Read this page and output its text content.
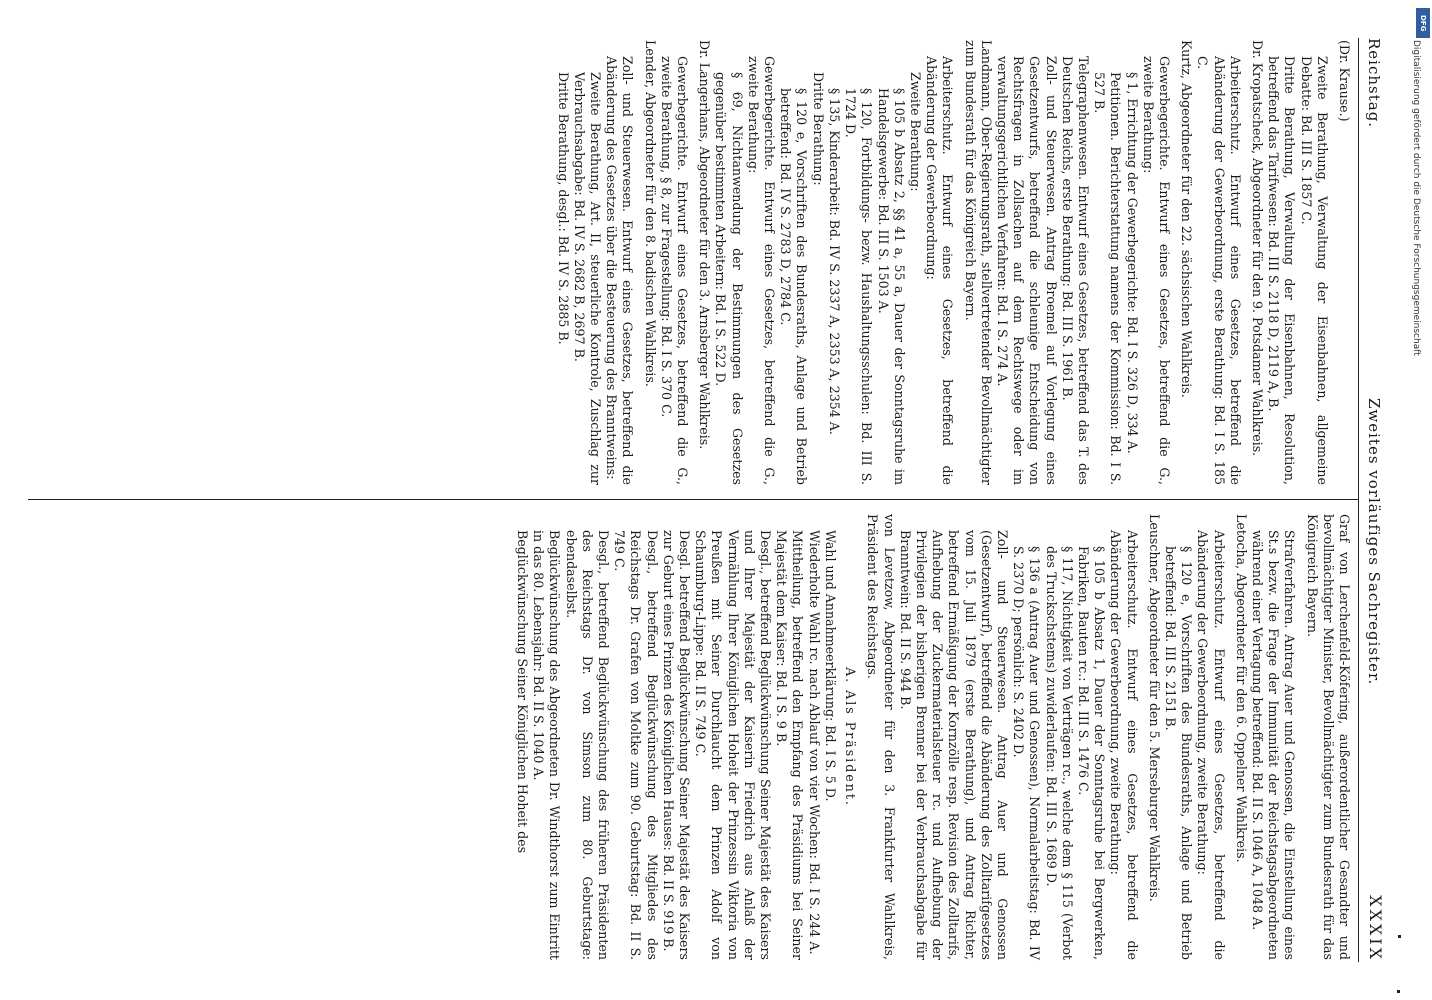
Reichstag.
Zweites vorläufiges Sachregister.
XXXIX

(Dr. Krause.)

Zweite Berathung, Verwaltung der Eisenbahnen, allgemeine Debatte: Bd. III S. 1857 C.

Dritte Berathung, Verwaltung der Eisenbahnen, Resolution, betreffend das Tarifwesen: Bd. III S. 2118 D, 2119 A, B.

Dr. Kropatscheck, Abgeordneter für den 9. Potsdamer Wahlkreis.

Arbeiterschutz. Entwurf eines Gesetzes, betreffend die Abänderung der Gewerbeordnung, erste Berathung: Bd. I S. 185 C.

Kurtz, Abgeordneter für den 22. sächsischen Wahlkreis.

Gewerbegerichte. Entwurf eines Gesetzes, betreffend die G., zweite Berathung:

§ 1, Errichtung der Gewerbegerichte: Bd. I S. 326 D, 334 A.

Petitionen. Berichterstattung namens der Kommission: Bd. I S. 527 B.

Telegraphenwesen. Entwurf eines Gesetzes, betreffend das T. des Deutschen Reichs, erste Berathung: Bd. III S. 1961 B.

Zoll- und Steuerwesen. Antrag Broemel auf Vorlegung eines Gesetzentwurfs, betreffend die schleunige Entscheidung von Rechtsfragen in Zollsachen auf dem Rechtswege oder im verwaltungsgerichtlichen Verfahren: Bd. I S. 274 A.

Landmann, Ober-Regierungsrath, stellvertretender Bevollmächtigter zum Bundesrath für das Königreich Bayern.

Arbeiterschutz. Entwurf eines Gesetzes, betreffend die Abänderung der Gewerbeordnung:

Zweite Berathung:

§ 105 b Absatz 2, §§ 41 a, 55 a, Dauer der Sonntagsruhe im Handelsgewerbe: Bd. III S. 1503 A.

§ 120, Fortbildungs- bezw. Haushaltungsschulen: Bd. III S. 1724 D.

§ 135, Kinderarbeit: Bd. IV S. 2337 A, 2353 A, 2354 A.

Dritte Berathung:

§ 120 e, Vorschriften des Bundesraths, Anlage und Betrieb betreffend: Bd. IV S. 2783 D, 2784 C.

Gewerbegerichte. Entwurf eines Gesetzes, betreffend die G., zweite Berathung:

§ 69, Nichtanwendung der Bestimmungen des Gesetzes gegenüber bestimmten Arbeitern: Bd. I S. 522 D.

Dr. Langerhans, Abgeordneter für den 3. Arnsberger Wahlkreis.

Gewerbegerichte. Entwurf eines Gesetzes, betreffend die G., zweite Berathung, § 8, zur Fragestellung: Bd. I S. 370 C.

Lender, Abgeordneter für den 8. badischen Wahlkreis.

Zoll- und Steuerwesen. Entwurf eines Gesetzes, betreffend die Abänderung des Gesetzes über die Besteuerung des Branntweins:

Zweite Berathung, Art. II, steuerliche Kontrole, Zuschlag zur Verbrauchsabgabe: Bd. IV S. 2682 B, 2697 B.

Dritte Berathung, desgl.: Bd. IV S. 2885 B.

Graf von Lerchenfeld-Köfering, außerordentlicher Gesandter und bevollmächtigter Minister, Bevollmächtigter zum Bundesrath für das Königreich Bayern.

Strafverfahren. Antrag Auer und Genossen, die Einstellung eines St.s bezw. die Frage der Immunität der Reichstagsabgeordneten während einer Vertagung betreffend: Bd. II S. 1046 A, 1048 A.

Letocha, Abgeordneter für den 6. Oppelner Wahlkreis.

Arbeiterschutz. Entwurf eines Gesetzes, betreffend die Abänderung der Gewerbeordnung, zweite Berathung:

§ 120 e, Vorschriften des Bundesraths, Anlage und Betrieb betreffend: Bd. III S. 2151 B.

Leuschner, Abgeordneter für den 5. Merseburger Wahlkreis.

Arbeiterschutz. Entwurf eines Gesetzes, betreffend die Abänderung der Gewerbeordnung, zweite Berathung:

§ 105 b Absatz 1, Dauer der Sonntagsruhe bei Bergwerken, Fabriken, Bauten rc.: Bd. III S. 1476 C.

§ 117, Nichtigkeit von Verträgen rc., welche dem § 115 (Verbot des Truckschstems) zuwiderlaufen: Bd. III S. 1689 D.

§ 136 a (Antrag Auer und Genossen), Normalarbeitstag: Bd. IV S. 2370 D; persönlich: S. 2402 D.

Zoll- und Steuerwesen. Antrag Auer und Genossen (Gesetzentwurf), betreffend die Abänderung des Zolltarifgesetzes vom 15. Juli 1879 (erste Berathung), und Antrag Richter, betreffend Ermäßigung der Kornzölle resp. Revision des Zolltarifs, Aufhebung der Zuckermaterialsteuer rc. und Aufhebung der Privilegien der bisherigen Brenner bei der Verbrauchsabgabe für Branntwein: Bd. II S. 944 B.

von Levetzow, Abgeordneter für den 3. Frankfurter Wahlkreis, Präsident des Reichstags.

A. Als Präsident.

Wahl und Annahmeerklärung: Bd. I S. 5 D.

Wiederholte Wahl rc. nach Ablauf von vier Wochen: Bd. I S. 244 A.

Mittheilung, betreffend den Empfang des Präsidiums bei Seiner Majestät dem Kaiser: Bd. I S. 9 B.

Desgl., betreffend Beglückwünschung Seiner Majestät des Kaisers und Ihrer Majestät der Kaiserin Friedrich aus Anlaß der Vermählung Ihrer Königlichen Hoheit der Prinzessin Viktoria von Preußen mit Seiner Durchlaucht dem Prinzen Adolf von Schaumburg-Lippe: Bd. II S. 749 C.

Desgl. betreffend Beglückwünschung Seiner Majestät des Kaisers zur Geburt eines Prinzen des Königlichen Hauses: Bd. II S. 919 B.

Desgl., betreffend Beglückwünschung des Mitgliedes des Reichstags Dr. Grafen von Moltke zum 90. Geburtstag: Bd. II S. 749 C.

Desgl., betreffend Beglückwünschung des früheren Präsidenten des Reichstags Dr. von Simson zum 80. Geburtstage: ebendaselbst.

Beglückwünschung des Abgeordneten Dr. Windthorst zum Eintritt in das 80. Lebensjahr: Bd. II S. 1040 A.

Beglückwünschung Seiner Königlichen Hoheit des

DFG
Digitalisierung gefördert durch die Deutsche Forschungsgemeinschaft
